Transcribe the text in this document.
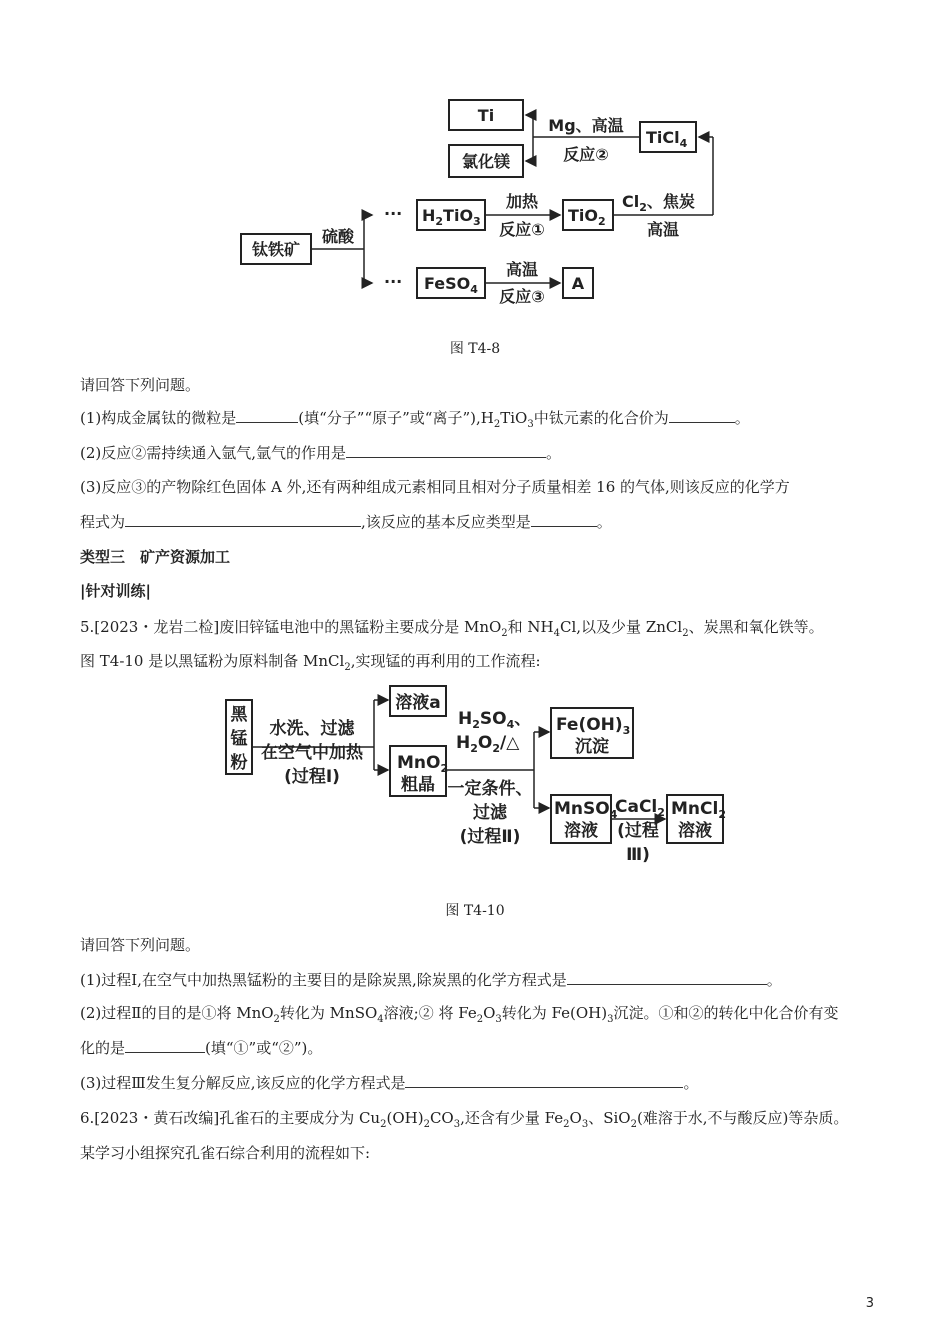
Ti
氯化镁
TiCl$_4$
钛铁矿
$H_2TiO_3$	TiO$_2$
FeSO$_4$	A
Mg、高温
反应②
硫酸
···
···
加热
反应①
$Cl_2$、焦炭
高温
高温
反应③
图 T4-8
请回答下列问题。
(1)构成金属钛的微粒是	(填“分子”“原子”或“离子$”),H_2TiO_3$中钛元素的化合价为	。
(2)反应②需持续通入氩气,氩气的作用是	。
(3)反应③的产物除红色固体 A 外,还有两种组成元素相同且相对分子质量相差 16 的气体,则该反应的化学方
程式为	,该反应的基本反应类型是	。
类型三　矿产资源加工
|针对训练|
5.[2023・龙岩二检]废旧锌锰电池中的黑锰粉主要成分是 MnO$_2$和 $NH_4Cl$,以及少量 ZnCl$_2$、炭黑和氧化铁等。
图 T4-10 是以黑锰粉为原料制备 MnCl$_2$,实现锰的再利用的工作流程:
黑
锰
粉
溶液a
水洗、过滤
在空气中加热
(过程Ⅰ)
MnO$_2$
粗晶
$H_2SO_4$、
$H_2O_2/\triangle$
一定条件、
过滤
(过程Ⅱ)
$Fe(OH)_3$
沉淀
MnSO$_4$
溶液
CaCl$_2$
(过程
Ⅲ)
MnCl$_2$
溶液
图 T4-10
请回答下列问题。
(1)过程Ⅰ,在空气中加热黑锰粉的主要目的是除炭黑,除炭黑的化学方程式是	。
(2)过程Ⅱ的目的是①将 MnO$_2$转化为 MnSO$_4$溶液;② 将 $Fe_2O_3$转化为 $Fe(OH)_3$沉淀。①和②的转化中化合价有变
化的是	(填“①”或“②”)。
(3)过程Ⅲ发生复分解反应,该反应的化学方程式是	。
6.[2023・黄石改编]孔雀石的主要成分为 $Cu_2(OH)_2CO_3$,还含有少量 $Fe_2O_3$、SiO$_2$(难溶于水,不与酸反应)等杂质。
某学习小组探究孔雀石综合利用的流程如下:
3
